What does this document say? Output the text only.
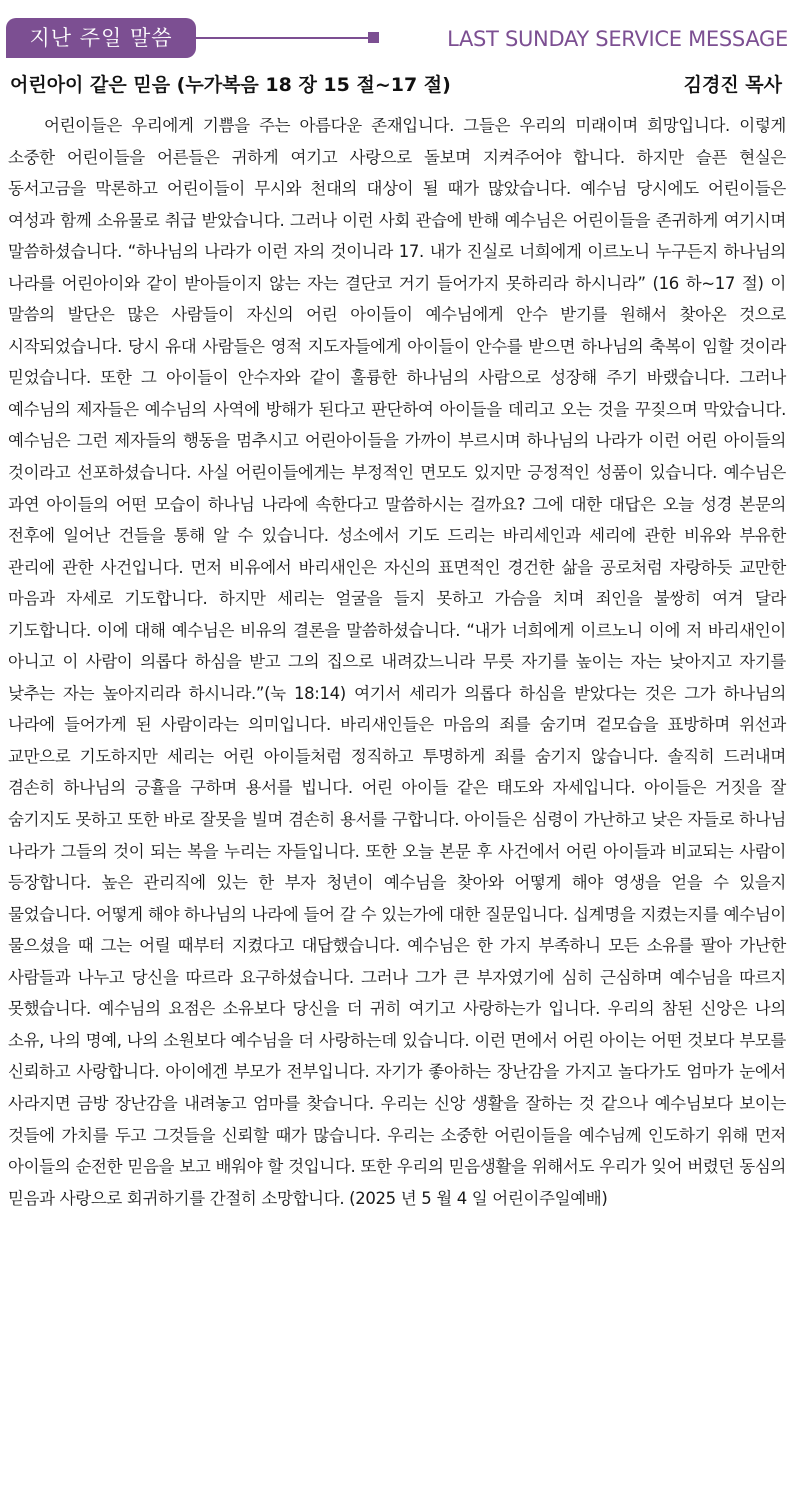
지난 주일 말씀	LAST SUNDAY SERVICE MESSAGE
어린아이 같은 믿음 (누가복음 18 장 15 절~17 절)	김경진 목사
어린이들은 우리에게 기쁨을 주는 아름다운 존재입니다. 그들은 우리의 미래이며 희망입니다. 이렇게 소중한 어린이들을 어른들은 귀하게 여기고 사랑으로 돌보며 지켜주어야 합니다. 하지만 슬픈 현실은 동서고금을 막론하고 어린이들이 무시와 천대의 대상이 될 때가 많았습니다. 예수님 당시에도 어린이들은 여성과 함께 소유물로 취급 받았습니다. 그러나 이런 사회 관습에 반해 예수님은 어린이들을 존귀하게 여기시며 말씀하셨습니다. “하나님의 나라가 이런 자의 것이니라 17. 내가 진실로 너희에게 이르노니 누구든지 하나님의 나라를 어린아이와 같이 받아들이지 않는 자는 결단코 거기 들어가지 못하리라 하시니라” (16 하~17 절) 이 말씀의 발단은 많은 사람들이 자신의 어린 아이들이 예수님에게 안수 받기를 원해서 찾아온 것으로 시작되었습니다. 당시 유대 사람들은 영적 지도자들에게 아이들이 안수를 받으면 하나님의 축복이 임할 것이라 믿었습니다. 또한 그 아이들이 안수자와 같이 훌륭한 하나님의 사람으로 성장해 주기 바랬습니다. 그러나 예수님의 제자들은 예수님의 사역에 방해가 된다고 판단하여 아이들을 데리고 오는 것을 꾸짖으며 막았습니다. 예수님은 그런 제자들의 행동을 멈추시고 어린아이들을 가까이 부르시며 하나님의 나라가 이런 어린 아이들의 것이라고 선포하셨습니다. 사실 어린이들에게는 부정적인 면모도 있지만 긍정적인 성품이 있습니다. 예수님은 과연 아이들의 어떤 모습이 하나님 나라에 속한다고 말씀하시는 걸까요? 그에 대한 대답은 오늘 성경 본문의 전후에 일어난 건들을 통해 알 수 있습니다. 성소에서 기도 드리는 바리세인과 세리에 관한 비유와 부유한 관리에 관한 사건입니다. 먼저 비유에서 바리새인은 자신의 표면적인 경건한 삶을 공로처럼 자랑하듯 교만한 마음과 자세로 기도합니다. 하지만 세리는 얼굴을 들지 못하고 가슴을 치며 죄인을 불쌍히 여겨 달라 기도합니다. 이에 대해 예수님은 비유의 결론을 말씀하셨습니다. “내가 너희에게 이르노니 이에 저 바리새인이 아니고 이 사람이 의롭다 하심을 받고 그의 집으로 내려갔느니라 무릇 자기를 높이는 자는 낮아지고 자기를 낮추는 자는 높아지리라 하시니라.”(눅 18:14) 여기서 세리가 의롭다 하심을 받았다는 것은 그가 하나님의 나라에 들어가게 된 사람이라는 의미입니다. 바리새인들은 마음의 죄를 숨기며 겉모습을 표방하며 위선과 교만으로 기도하지만 세리는 어린 아이들처럼 정직하고 투명하게 죄를 숨기지 않습니다. 솔직히 드러내며 겸손히 하나님의 긍휼을 구하며 용서를 빕니다. 어린 아이들 같은 태도와 자세입니다. 아이들은 거짓을 잘 숨기지도 못하고 또한 바로 잘못을 빌며 겸손히 용서를 구합니다. 아이들은 심령이 가난하고 낮은 자들로 하나님 나라가 그들의 것이 되는 복을 누리는 자들입니다. 또한 오늘 본문 후 사건에서 어린 아이들과 비교되는 사람이 등장합니다. 높은 관리직에 있는 한 부자 청년이 예수님을 찾아와 어떻게 해야 영생을 얻을 수 있을지 물었습니다. 어떻게 해야 하나님의 나라에 들어 갈 수 있는가에 대한 질문입니다. 십계명을 지켰는지를 예수님이 물으셨을 때 그는 어릴 때부터 지켰다고 대답했습니다. 예수님은 한 가지 부족하니 모든 소유를 팔아 가난한 사람들과 나누고 당신을 따르라 요구하셨습니다. 그러나 그가 큰 부자였기에 심히 근심하며 예수님을 따르지 못했습니다. 예수님의 요점은 소유보다 당신을 더 귀히 여기고 사랑하는가 입니다. 우리의 참된 신앙은 나의 소유, 나의 명예, 나의 소원보다 예수님을 더 사랑하는데 있습니다. 이런 면에서 어린 아이는 어떤 것보다 부모를 신뢰하고 사랑합니다. 아이에겐 부모가 전부입니다. 자기가 좋아하는 장난감을 가지고 놀다가도 엄마가 눈에서 사라지면 금방 장난감을 내려놓고 엄마를 찾습니다. 우리는 신앙 생활을 잘하는 것 같으나 예수님보다 보이는 것들에 가치를 두고 그것들을 신뢰할 때가 많습니다. 우리는 소중한 어린이들을 예수님께 인도하기 위해 먼저 아이들의 순전한 믿음을 보고 배워야 할 것입니다. 또한 우리의 믿음생활을 위해서도 우리가 잊어 버렸던 동심의 믿음과 사랑으로 회귀하기를 간절히 소망합니다. (2025 년 5 월 4 일 어린이주일예배)
